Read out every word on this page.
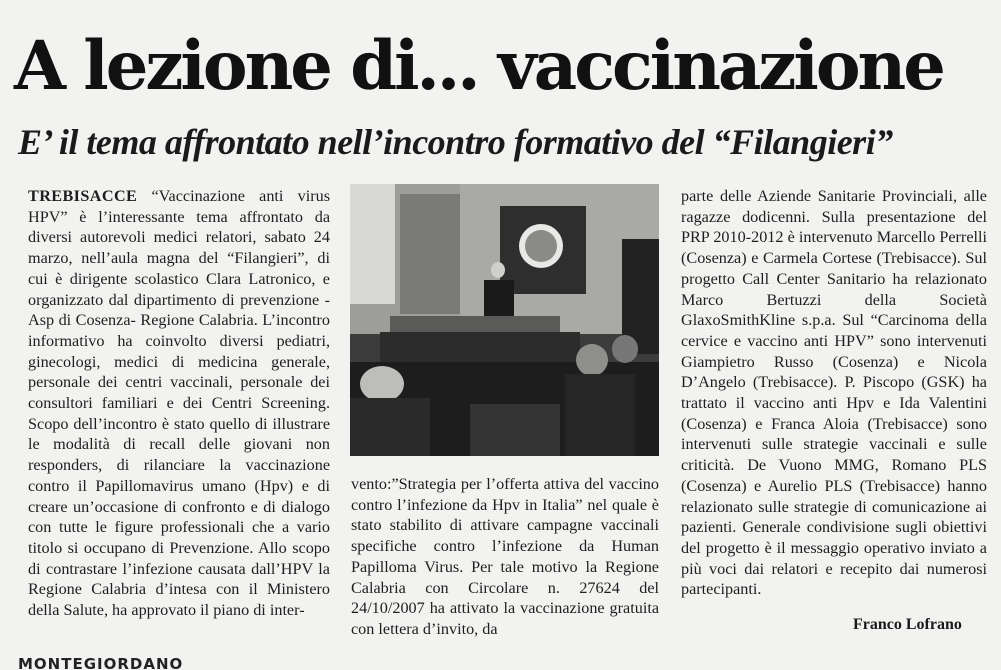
A lezione di... vaccinazione
E’ il tema affrontato nell’incontro formativo del “Filangieri”

TREBISACCE “Vaccinazione anti virus HPV” è l’interessante tema affrontato da diversi autorevoli medici relatori, sabato 24 marzo, nell’aula magna del “Filangieri”, di cui è dirigente scolastico Clara Latronico, e organizzato dal dipartimento di prevenzione - Asp di Cosenza- Regione Calabria. L’incontro informativo ha coinvolto diversi pediatri, ginecologi, medici di medicina generale, personale dei centri vaccinali, personale dei consultori familiari e dei Centri Screening. Scopo dell’incontro è stato quello di illustrare le modalità di recall delle giovani non responders, di rilanciare la vaccinazione contro il Papillomavirus umano (Hpv) e di creare un’occasione di confronto e di dialogo con tutte le figure professionali che a vario titolo si occupano di Prevenzione. Allo scopo di contrastare l’infezione causata dall’HPV la Regione Calabria d’intesa con il Ministero della Salute, ha approvato il piano di inter-

vento:”Strategia per l’offerta attiva del vaccino contro l’infezione da Hpv in Italia” nel quale è stato stabilito di attivare campagne vaccinali specifiche contro l’infezione da Human Papilloma Virus. Per tale motivo la Regione Calabria con Circolare n. 27624 del 24/10/2007 ha attivato la vaccinazione gratuita con lettera d’invito, da

parte delle Aziende Sanitarie Provinciali, alle ragazze dodicenni. Sulla presentazione del PRP 2010-2012 è intervenuto Marcello Perrelli (Cosenza) e Carmela Cortese (Trebisacce). Sul progetto Call Center Sanitario ha relazionato Marco Bertuzzi della Società GlaxoSmithKline s.p.a. Sul “Carcinoma della cervice e vaccino anti HPV” sono intervenuti Giampietro Russo (Cosenza) e Nicola D’Angelo (Trebisacce). P. Piscopo (GSK) ha trattato il vaccino anti Hpv e Ida Valentini (Cosenza) e Franca Aloia (Trebisacce) sono intervenuti sulle strategie vaccinali e sulle criticità. De Vuono MMG, Romano PLS (Cosenza) e Aurelio PLS (Trebisacce) hanno relazionato sulle strategie di comunicazione ai pazienti. Generale condivisione sugli obiettivi del progetto è il messaggio operativo inviato a più voci dai relatori e recepito dai numerosi partecipanti.

Franco Lofrano
MONTEGIORDANO
